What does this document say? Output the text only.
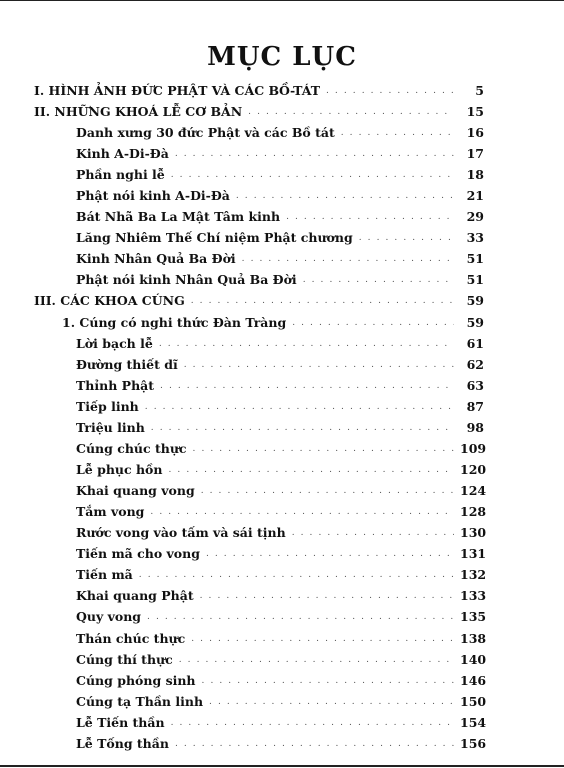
MỤC LỤC
I. HÌNH ẢNH ĐỨC PHẬT VÀ CÁC BỒ-TÁT . . .	5
II. NHỮNG KHOÁ LỄ CƠ BẢN . . .	15
Danh xưng 30 đức Phật và các Bồ tát . . .	16
Kinh A-Di-Đà . . .	17
Phần nghi lễ . . .	18
Phật nói kinh A-Di-Đà . . .	21
Bát Nhã Ba La Mật Tâm kinh . . .	29
Lăng Nhiêm Thế Chí niệm Phật chương . . .	33
Kinh Nhân Quả Ba Đời . . .	51
Phật nói kinh Nhân Quả Ba Đời . . .	51
III. CÁC KHOA CÚNG . . .	59
1. Cúng có nghi thức Đàn Tràng . . .	59
Lời bạch lễ . . .	61
Đường thiết dĩ . . .	62
Thỉnh Phật . . .	63
Tiếp linh . . .	87
Triệu linh . . .	98
Cúng chúc thực . . .	109
Lễ phục hồn . . .	120
Khai quang vong . . .	124
Tắm vong . . .	128
Rước vong vào tấm và sái tịnh . . .	130
Tiến mã cho vong . . .	131
Tiến mã . . .	132
Khai quang Phật . . .	133
Quy vong . . .	135
Thán chúc thực . . .	138
Cúng thí thực . . .	140
Cúng phóng sinh . . .	146
Cúng tạ Thần linh . . .	150
Lễ Tiến thần . . .	154
Lễ Tống thần . . .	156
